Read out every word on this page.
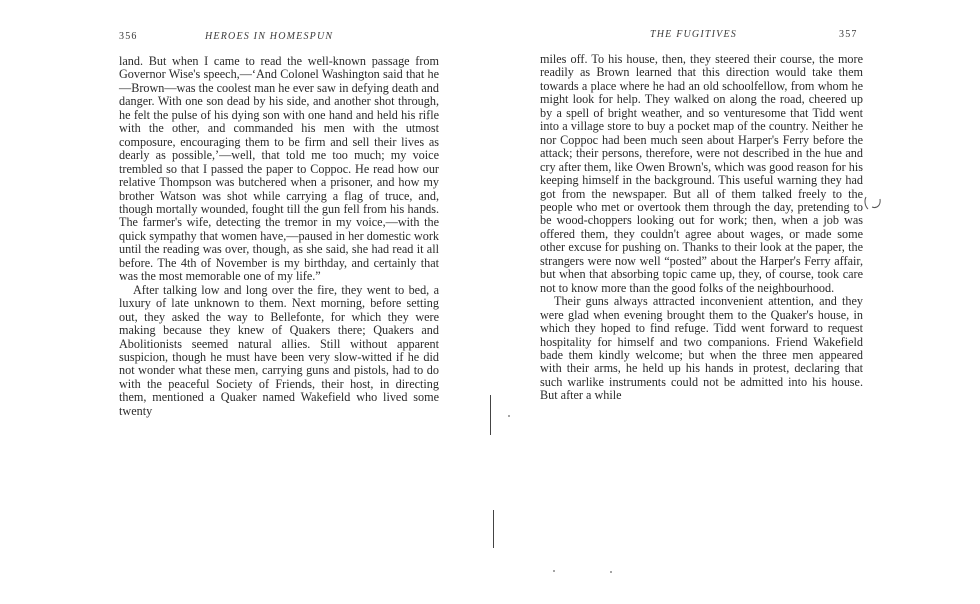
356	HEROES IN HOMESPUN

land. But when I came to read the well-known passage from Governor Wise's speech,—‘And Colonel Washington said that he—Brown—was the coolest man he ever saw in defying death and danger. With one son dead by his side, and another shot through, he felt the pulse of his dying son with one hand and held his rifle with the other, and commanded his men with the utmost composure, encouraging them to be firm and sell their lives as dearly as possible,’—well, that told me too much; my voice trembled so that I passed the paper to Coppoc. He read how our relative Thompson was butchered when a prisoner, and how my brother Watson was shot while carrying a flag of truce, and, though mortally wounded, fought till the gun fell from his hands. The farmer's wife, detecting the tremor in my voice,—with the quick sympathy that women have,—paused in her domestic work until the reading was over, though, as she said, she had read it all before. The 4th of November is my birthday, and certainly that was the most memorable one of my life.”

After talking low and long over the fire, they went to bed, a luxury of late unknown to them. Next morning, before setting out, they asked the way to Bellefonte, for which they were making because they knew of Quakers there; Quakers and Abolitionists seemed natural allies. Still without apparent suspicion, though he must have been very slow-witted if he did not wonder what these men, carrying guns and pistols, had to do with the peaceful Society of Friends, their host, in directing them, mentioned a Quaker named Wakefield who lived some twenty

THE FUGITIVES	357

miles off. To his house, then, they steered their course, the more readily as Brown learned that this direction would take them towards a place where he had an old schoolfellow, from whom he might look for help. They walked on along the road, cheered up by a spell of bright weather, and so venturesome that Tidd went into a village store to buy a pocket map of the country. Neither he nor Coppoc had been much seen about Harper's Ferry before the attack; their persons, therefore, were not described in the hue and cry after them, like Owen Brown's, which was good reason for his keeping himself in the background. This useful warning they had got from the newspaper. But all of them talked freely to the people who met or overtook them through the day, pretending to be wood-choppers looking out for work; then, when a job was offered them, they couldn't agree about wages, or made some other excuse for pushing on. Thanks to their look at the paper, the strangers were now well “posted” about the Harper's Ferry affair, but when that absorbing topic came up, they, of course, took care not to know more than the good folks of the neighbourhood.

Their guns always attracted inconvenient attention, and they were glad when evening brought them to the Quaker's house, in which they hoped to find refuge. Tidd went forward to request hospitality for himself and two companions. Friend Wakefield bade them kindly welcome; but when the three men appeared with their arms, he held up his hands in protest, declaring that such warlike instruments could not be admitted into his house. But after a while
